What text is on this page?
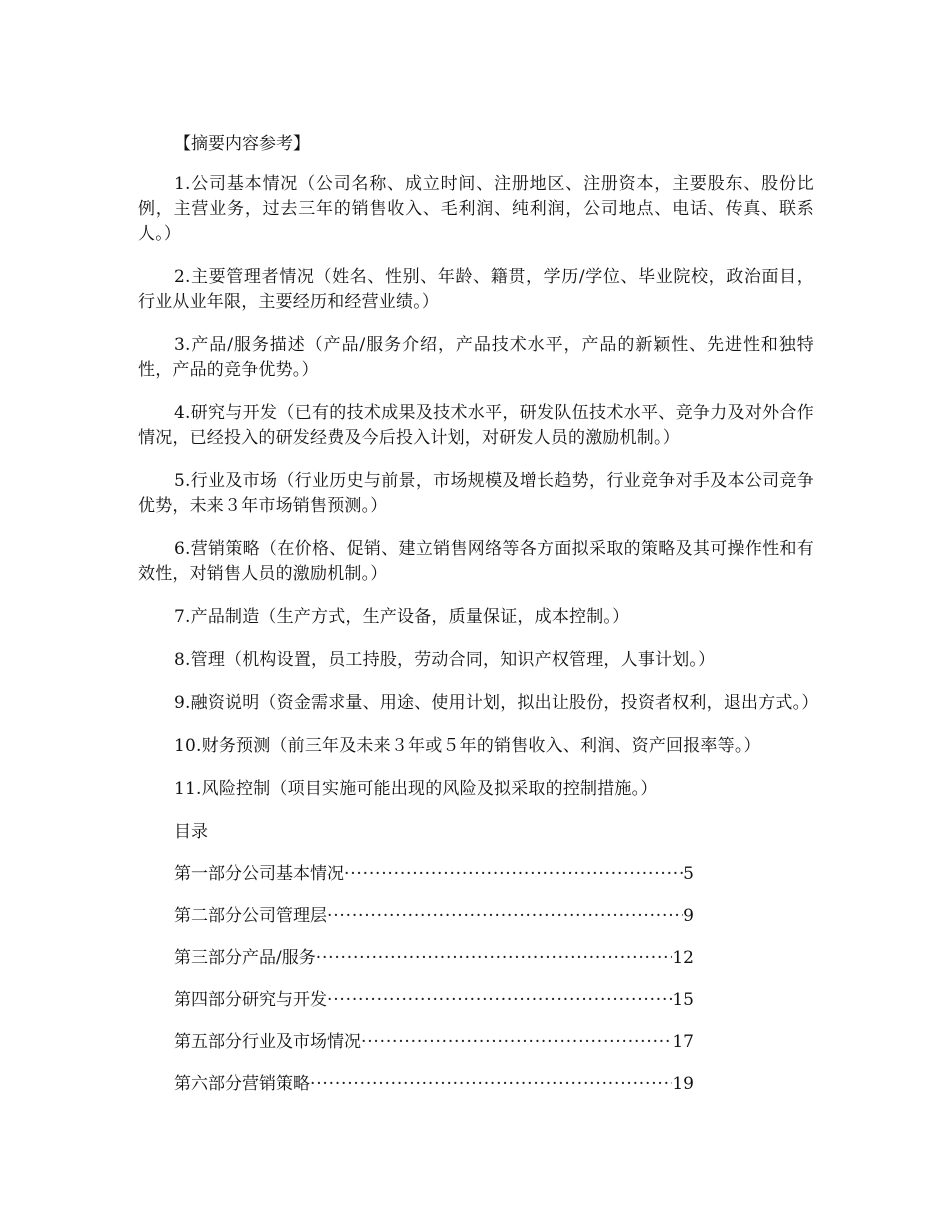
【摘要内容参考】

1.公司基本情况（公司名称、成立时间、注册地区、注册资本，主要股东、股份比例，主营业务，过去三年的销售收入、毛利润、纯利润，公司地点、电话、传真、联系人。）

2.主要管理者情况（姓名、性别、年龄、籍贯，学历/学位、毕业院校，政治面目，行业从业年限，主要经历和经营业绩。）

3.产品/服务描述（产品/服务介绍，产品技术水平，产品的新颖性、先进性和独特性，产品的竞争优势。）

4.研究与开发（已有的技术成果及技术水平，研发队伍技术水平、竞争力及对外合作情况，已经投入的研发经费及今后投入计划，对研发人员的激励机制。）

5.行业及市场（行业历史与前景，市场规模及增长趋势，行业竞争对手及本公司竞争优势，未来３年市场销售预测。）

6.营销策略（在价格、促销、建立销售网络等各方面拟采取的策略及其可操作性和有效性，对销售人员的激励机制。）

7.产品制造（生产方式，生产设备，质量保证，成本控制。）

8.管理（机构设置，员工持股，劳动合同，知识产权管理，人事计划。）

9.融资说明（资金需求量、用途、使用计划，拟出让股份，投资者权利，退出方式。）

10.财务预测（前三年及未来３年或５年的销售收入、利润、资产回报率等。）

11.风险控制（项目实施可能出现的风险及拟采取的控制措施。）

目录
第一部分公司基本情况 ·····	5
第二部分公司管理层 ·····	9
第三部分产品/服务 ·····	12
第四部分研究与开发 ·····	15
第五部分行业及市场情况 ·····	17
第六部分营销策略 ·····	19
